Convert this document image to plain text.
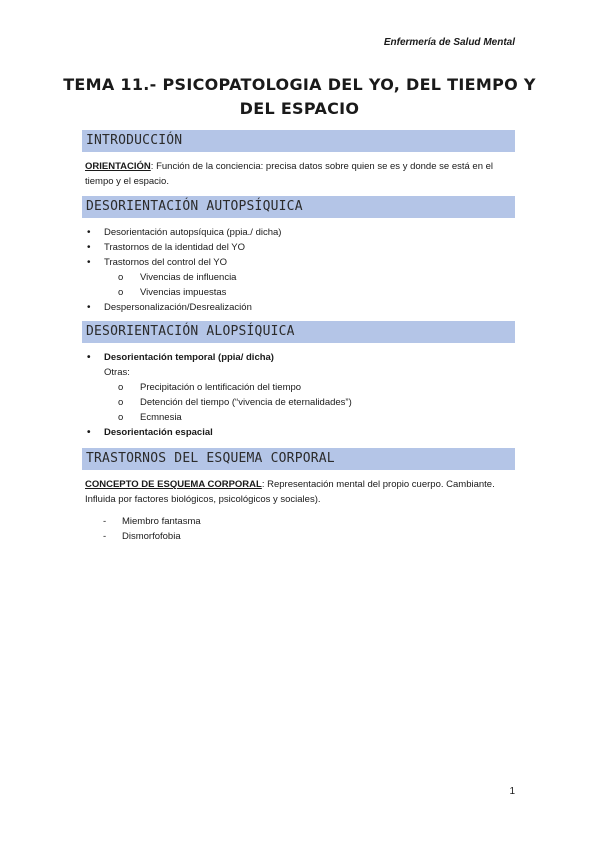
Enfermería de Salud Mental
TEMA 11.- PSICOPATOLOGIA DEL YO, DEL TIEMPO Y
DEL ESPACIO
INTRODUCCIÓN
ORIENTACIÓN: Función de la conciencia: precisa datos sobre quien se es y donde se está en el tiempo y el espacio.
DESORIENTACIÓN AUTOPSÍQUICA
• Desorientación autopsíquica (ppia./ dicha)
• Trastornos de la identidad del YO
• Trastornos del control del YO
o Vivencias de influencia
o Vivencias impuestas
• Despersonalización/Desrealización
DESORIENTACIÓN ALOPSÍQUICA
• Desorientación temporal (ppia/ dicha)
Otras:
o Precipitación o lentificación del tiempo
o Detención del tiempo (“vivencia de eternalidades”)
o Ecmnesia
• Desorientación espacial
TRASTORNOS DEL ESQUEMA CORPORAL
CONCEPTO DE ESQUEMA CORPORAL: Representación mental del propio cuerpo. Cambiante. Influida por factores biológicos, psicológicos y sociales).
- Miembro fantasma
- Dismorfofobia
1
